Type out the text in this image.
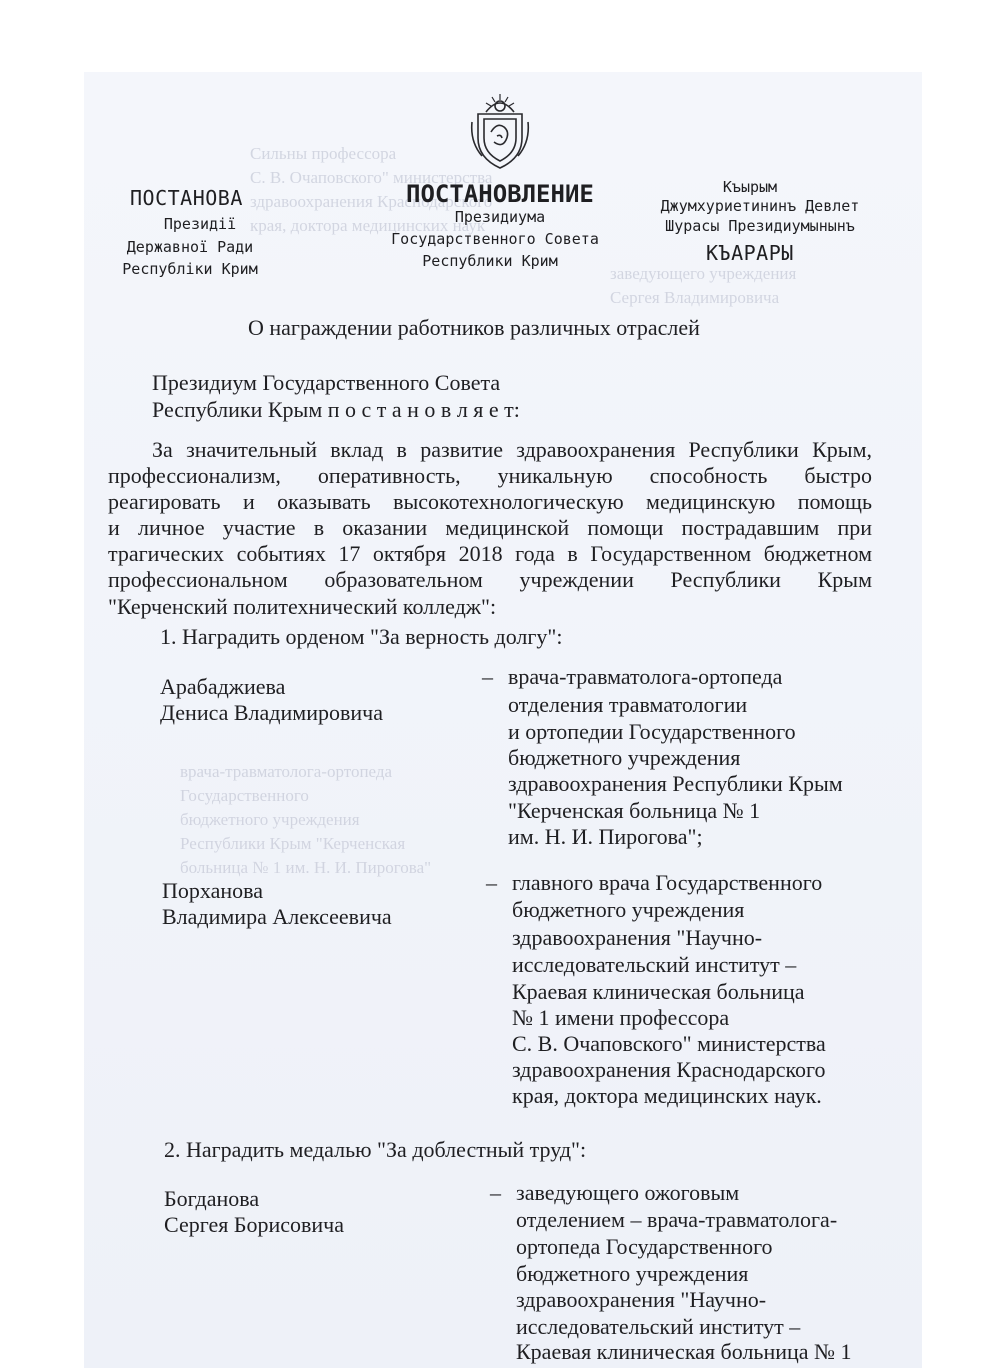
Сильны профессора
С. В. Очаповского" министерства
здравоохранения Краснодарского
края, доктора медицинских наук
заведующего учреждения
Сергея Владимировича
врача-травматолога-ортопеда
Государственного
бюджетного учреждения
Республики Крым "Керченская
больница № 1 им. Н. И. Пирогова"
ПОСТАНОВА
Президії
Державної Ради
Республіки Крим
ПОСТАНОВЛЕНИЕ
Президиума
Государственного Совета
Республики Крим
Къырым
Джумхуриетининъ Девлет
Шурасы Президиумынынъ
КЪАРАРЫ
О награждении работников различных отраслей
Президиум Государственного Совета
Республики Крым п о с т а н о в л я е т:
За значительный вклад в развитие здравоохранения Республики Крым,
профессионализм, оперативность, уникальную способность быстро
реагировать и оказывать высокотехнологическую медицинскую помощь
и личное участие в оказании медицинской помощи пострадавшим при
трагических событиях 17 октября 2018 года в Государственном бюджетном
профессиональном образовательном учреждении Республики Крым
"Керченский политехнический колледж":
1. Наградить орденом "За верность долгу":
Арабаджиева
Дениса Владимировича
– врача-травматолога-ортопеда
отделения травматологии
и ортопедии Государственного
бюджетного учреждения
здравоохранения Республики Крым
"Керченская больница № 1
им. Н. И. Пирогова";
Порханова
Владимира Алексеевича
– главного врача Государственного
бюджетного учреждения
здравоохранения "Научно-
исследовательский институт –
Краевая клиническая больница
№ 1 имени профессора
С. В. Очаповского" министерства
здравоохранения Краснодарского
края, доктора медицинских наук.
2. Наградить медалью "За доблестный труд":
Богданова
Сергея Борисовича
– заведующего ожоговым
отделением – врача-травматолога-
ортопеда Государственного
бюджетного учреждения
здравоохранения "Научно-
исследовательский институт –
Краевая клиническая больница № 1
